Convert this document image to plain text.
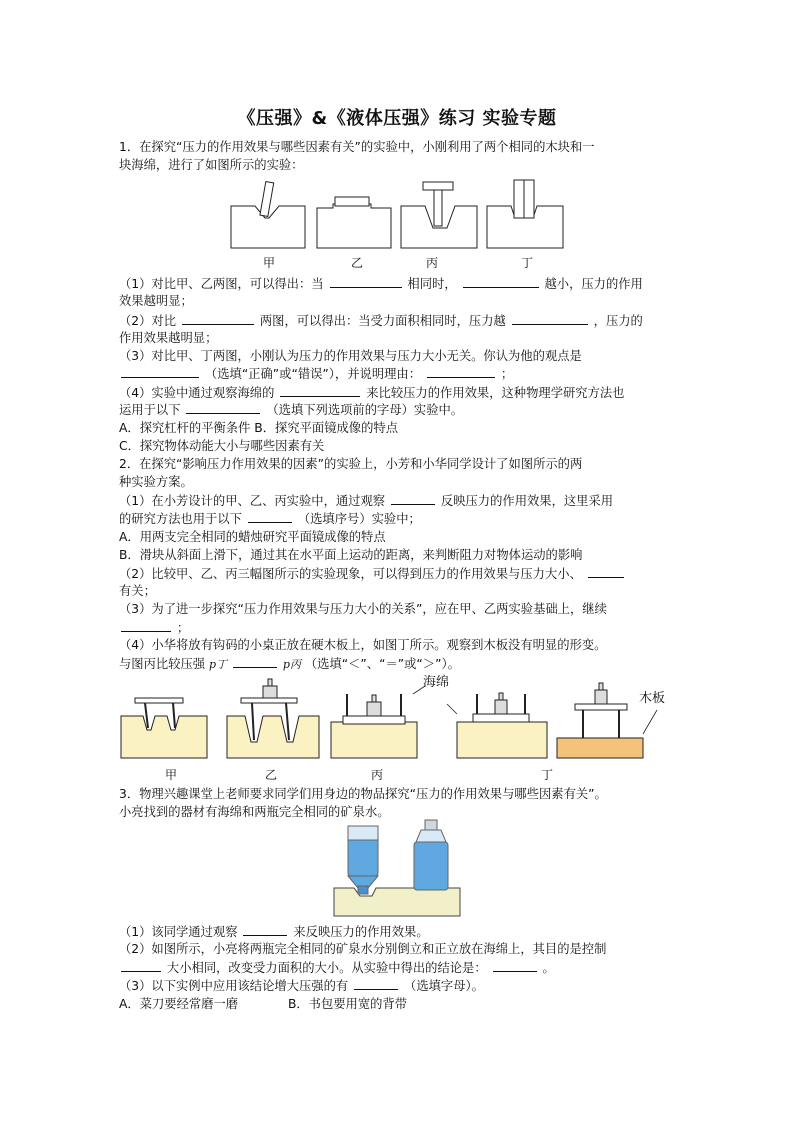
《压强》&《液体压强》练习 实验专题
1．在探究“压力的作用效果与哪些因素有关”的实验中，小刚利用了两个相同的木块和一
块海绵，进行了如图所示的实验：
甲	乙	丙	丁
（1）对比甲、乙两图，可以得出：当	相同时，	越小，压力的作用
效果越明显；
（2）对比	两图，可以得出：当受力面积相同时，压力越	，压力的
作用效果越明显；
（3）对比甲、丁两图，小刚认为压力的作用效果与压力大小无关。你认为他的观点是
（选填“正确”或“错误”），并说明理由：	；
（4）实验中通过观察海绵的	来比较压力的作用效果，这种物理学研究方法也
运用于以下	（选填下列选项前的字母）实验中。
A．探究杠杆的平衡条件 B．探究平面镜成像的特点
C．探究物体动能大小与哪些因素有关
2．在探究“影响压力作用效果的因素”的实验上，小芳和小华同学设计了如图所示的两
种实验方案。
（1）在小芳设计的甲、乙、丙实验中，通过观察	反映压力的作用效果，这里采用
的研究方法也用于以下	（选填序号）实验中；
A．用两支完全相同的蜡烛研究平面镜成像的特点
B．滑块从斜面上滑下，通过其在水平面上运动的距离，来判断阻力对物体运动的影响
（2）比较甲、乙、丙三幅图所示的实验现象，可以得到压力的作用效果与压力大小、
有关；
（3）为了进一步探究“压力作用效果与压力大小的关系”，应在甲、乙两实验基础上，继续
；
（4）小华将放有钩码的小桌正放在硬木板上，如图丁所示。观察到木板没有明显的形变。
与图丙比较压强 p丁	p丙 （选填“＜”、“＝”或“＞”）。
海绵
木板
甲	乙	丙	丁
3．物理兴趣课堂上老师要求同学们用身边的物品探究“压力的作用效果与哪些因素有关”。
小亮找到的器材有海绵和两瓶完全相同的矿泉水。
（1）该同学通过观察	来反映压力的作用效果。
（2）如图所示，小亮将两瓶完全相同的矿泉水分别倒立和正立放在海绵上，其目的是控制
大小相同，改变受力面积的大小。从实验中得出的结论是：	。
（3）以下实例中应用该结论增大压强的有	（选填字母）。
A．菜刀要经常磨一磨	B．书包要用宽的背带
